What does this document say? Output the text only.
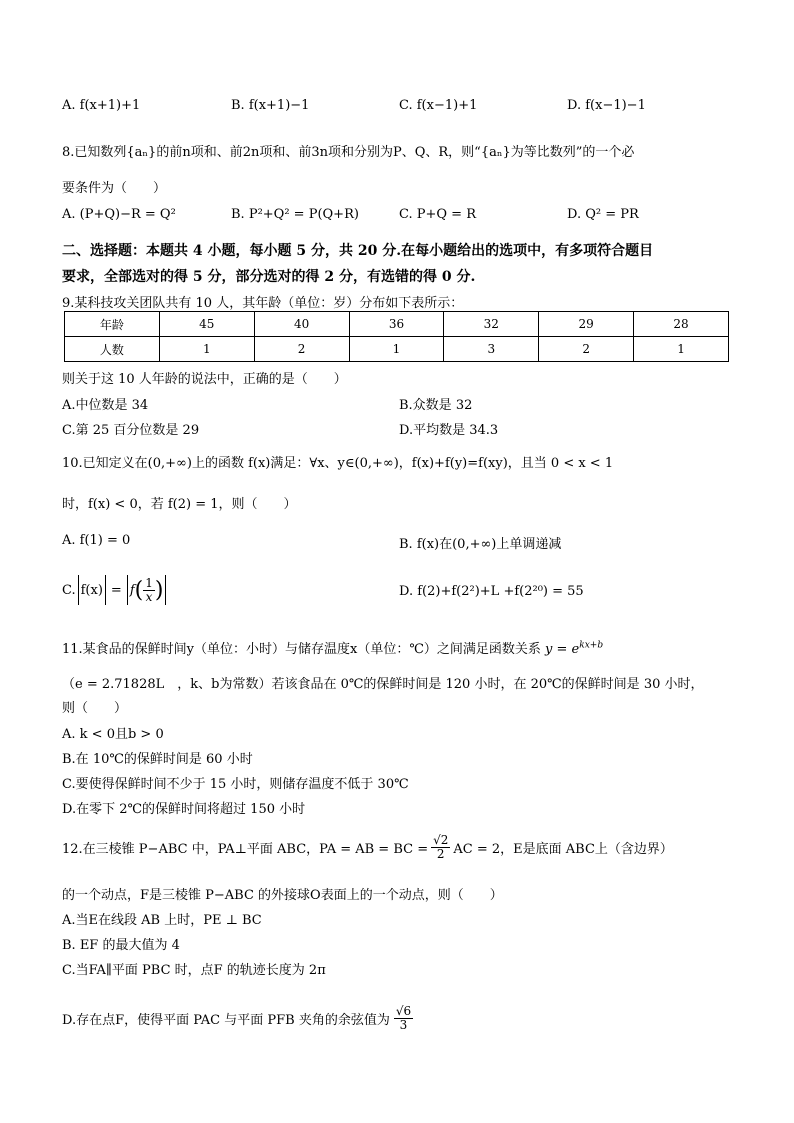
A. f(x+1)+1	B. f(x+1)−1	C. f(x−1)+1	D. f(x−1)−1
8.已知数列{aₙ}的前n项和、前2n项和、前3n项和分别为P、Q、R，则“{aₙ}为等比数列”的一个必
要条件为（　　）
A. (P+Q)−R = Q²	B. P²+Q² = P(Q+R)	C. P+Q = R	D. Q² = PR
二、选择题：本题共 4 小题，每小题 5 分，共 20 分.在每小题给出的选项中，有多项符合题目
要求，全部选对的得 5 分，部分选对的得 2 分，有选错的得 0 分.
9.某科技攻关团队共有 10 人，其年龄（单位：岁）分布如下表所示：
年龄	45	40	36	32	29	28
人数	1	2	1	3	2	1
则关于这 10 人年龄的说法中，正确的是（　　）
A.中位数是 34	B.众数是 32
C.第 25 百分位数是 29	D.平均数是 34.3
10.已知定义在(0,+∞)上的函数 f(x)满足：∀x、y∈(0,+∞)，f(x)+f(y)=f(xy)，且当 0 < x < 1
时，f(x) < 0，若 f(2) = 1，则（　　）
A. f(1) = 0	B. f(x)在(0,+∞)上单调递减
C. f(x) = f ( $\frac{1}{x}$ )	D. f(2)+f(2²)+L +f(2²⁰) = 55
11.某食品的保鲜时间y（单位：小时）与储存温度x（单位：℃）之间满足函数关系 $y = e^{kx+b}$
（e = 2.71828L　，k、b为常数）若该食品在 0℃的保鲜时间是 120 小时，在 20℃的保鲜时间是 30 小时，
则（　　）
A. k < 0且b > 0
B.在 10℃的保鲜时间是 60 小时
C.要使得保鲜时间不少于 15 小时，则储存温度不低于 30℃
D.在零下 2℃的保鲜时间将超过 150 小时
12.在三棱锥 P−ABC 中，PA⊥平面 ABC，PA = AB = BC = $\frac{√2}{2}$ AC = 2，E是底面 ABC上（含边界）
的一个动点，F是三棱锥 P−ABC 的外接球O表面上的一个动点，则（　　）
A.当E在线段 AB 上时，PE ⊥ BC
B. EF 的最大值为 4
C.当FA∥平面 PBC 时，点F 的轨迹长度为 2π
D.存在点F，使得平面 PAC 与平面 PFB 夹角的余弦值为 $\frac{√6}{3}$
